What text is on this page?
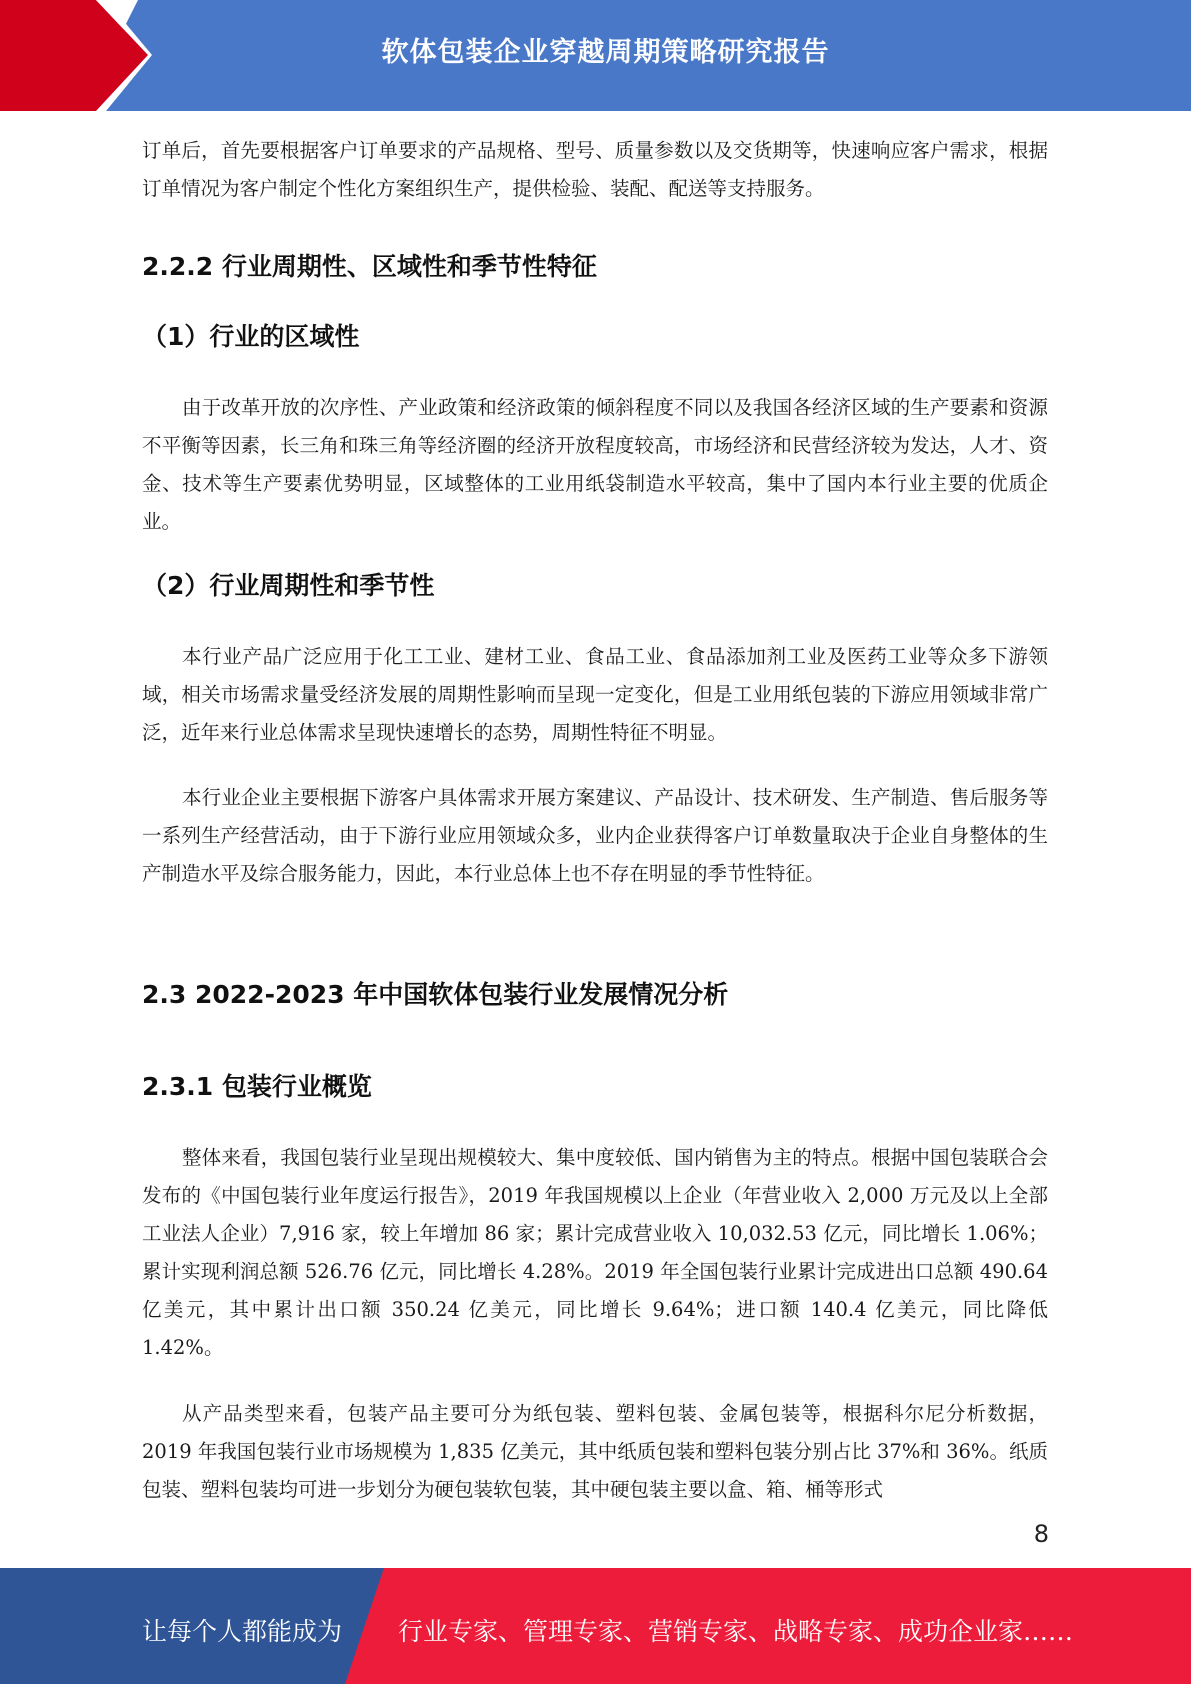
软体包装企业穿越周期策略研究报告

订单后，首先要根据客户订单要求的产品规格、型号、质量参数以及交货期等，快速响应客户需求，根据订单情况为客户制定个性化方案组织生产，提供检验、装配、配送等支持服务。

2.2.2 行业周期性、区域性和季节性特征
（1）行业的区域性

由于改革开放的次序性、产业政策和经济政策的倾斜程度不同以及我国各经济区域的生产要素和资源不平衡等因素，长三角和珠三角等经济圈的经济开放程度较高，市场经济和民营经济较为发达，人才、资金、技术等生产要素优势明显，区域整体的工业用纸袋制造水平较高，集中了国内本行业主要的优质企业。

（2）行业周期性和季节性

本行业产品广泛应用于化工工业、建材工业、食品工业、食品添加剂工业及医药工业等众多下游领域，相关市场需求量受经济发展的周期性影响而呈现一定变化，但是工业用纸包装的下游应用领域非常广泛，近年来行业总体需求呈现快速增长的态势，周期性特征不明显。

本行业企业主要根据下游客户具体需求开展方案建议、产品设计、技术研发、生产制造、售后服务等一系列生产经营活动，由于下游行业应用领域众多，业内企业获得客户订单数量取决于企业自身整体的生产制造水平及综合服务能力，因此，本行业总体上也不存在明显的季节性特征。

2.3 2022-2023 年中国软体包装行业发展情况分析
2.3.1 包装行业概览

整体来看，我国包装行业呈现出规模较大、集中度较低、国内销售为主的特点。根据中国包装联合会发布的《中国包装行业年度运行报告》，2019 年我国规模以上企业（年营业收入 2,000 万元及以上全部工业法人企业）7,916 家，较上年增加 86 家；累计完成营业收入 10,032.53 亿元，同比增长 1.06%；累计实现利润总额 526.76 亿元，同比增长 4.28%。2019 年全国包装行业累计完成进出口总额 490.64 亿美元，其中累计出口额 350.24 亿美元，同比增长 9.64%；进口额 140.4 亿美元，同比降低 1.42%。

从产品类型来看，包装产品主要可分为纸包装、塑料包装、金属包装等，根据科尔尼分析数据，2019 年我国包装行业市场规模为 1,835 亿美元，其中纸质包装和塑料包装分别占比 37%和 36%。纸质包装、塑料包装均可进一步划分为硬包装软包装，其中硬包装主要以盒、箱、桶等形式

8
让每个人都能成为 行业专家、管理专家、营销专家、战略专家、成功企业家……
